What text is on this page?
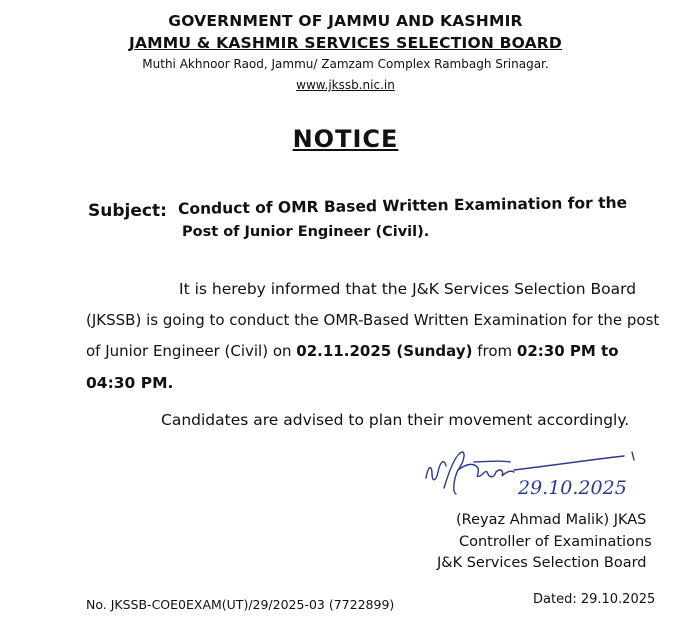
GOVERNMENT OF JAMMU AND KASHMIR
JAMMU & KASHMIR SERVICES SELECTION BOARD
Muthi Akhnoor Raod, Jammu/ Zamzam Complex Rambagh Srinagar.
www.jkssb.nic.in
NOTICE
Subject: Conduct of OMR Based Written Examination for the
Post of Junior Engineer (Civil).
It is hereby informed that the J&K Services Selection Board
(JKSSB) is going to conduct the OMR-Based Written Examination for the post
of Junior Engineer (Civil) on 02.11.2025 (Sunday) from 02:30 PM to
04:30 PM.
Candidates are advised to plan their movement accordingly.
29.10.2025
(Reyaz Ahmad Malik) JKAS
Controller of Examinations
J&K Services Selection Board
No. JKSSB-COE0EXAM(UT)/29/2025-03 (7722899)	Dated: 29.10.2025
